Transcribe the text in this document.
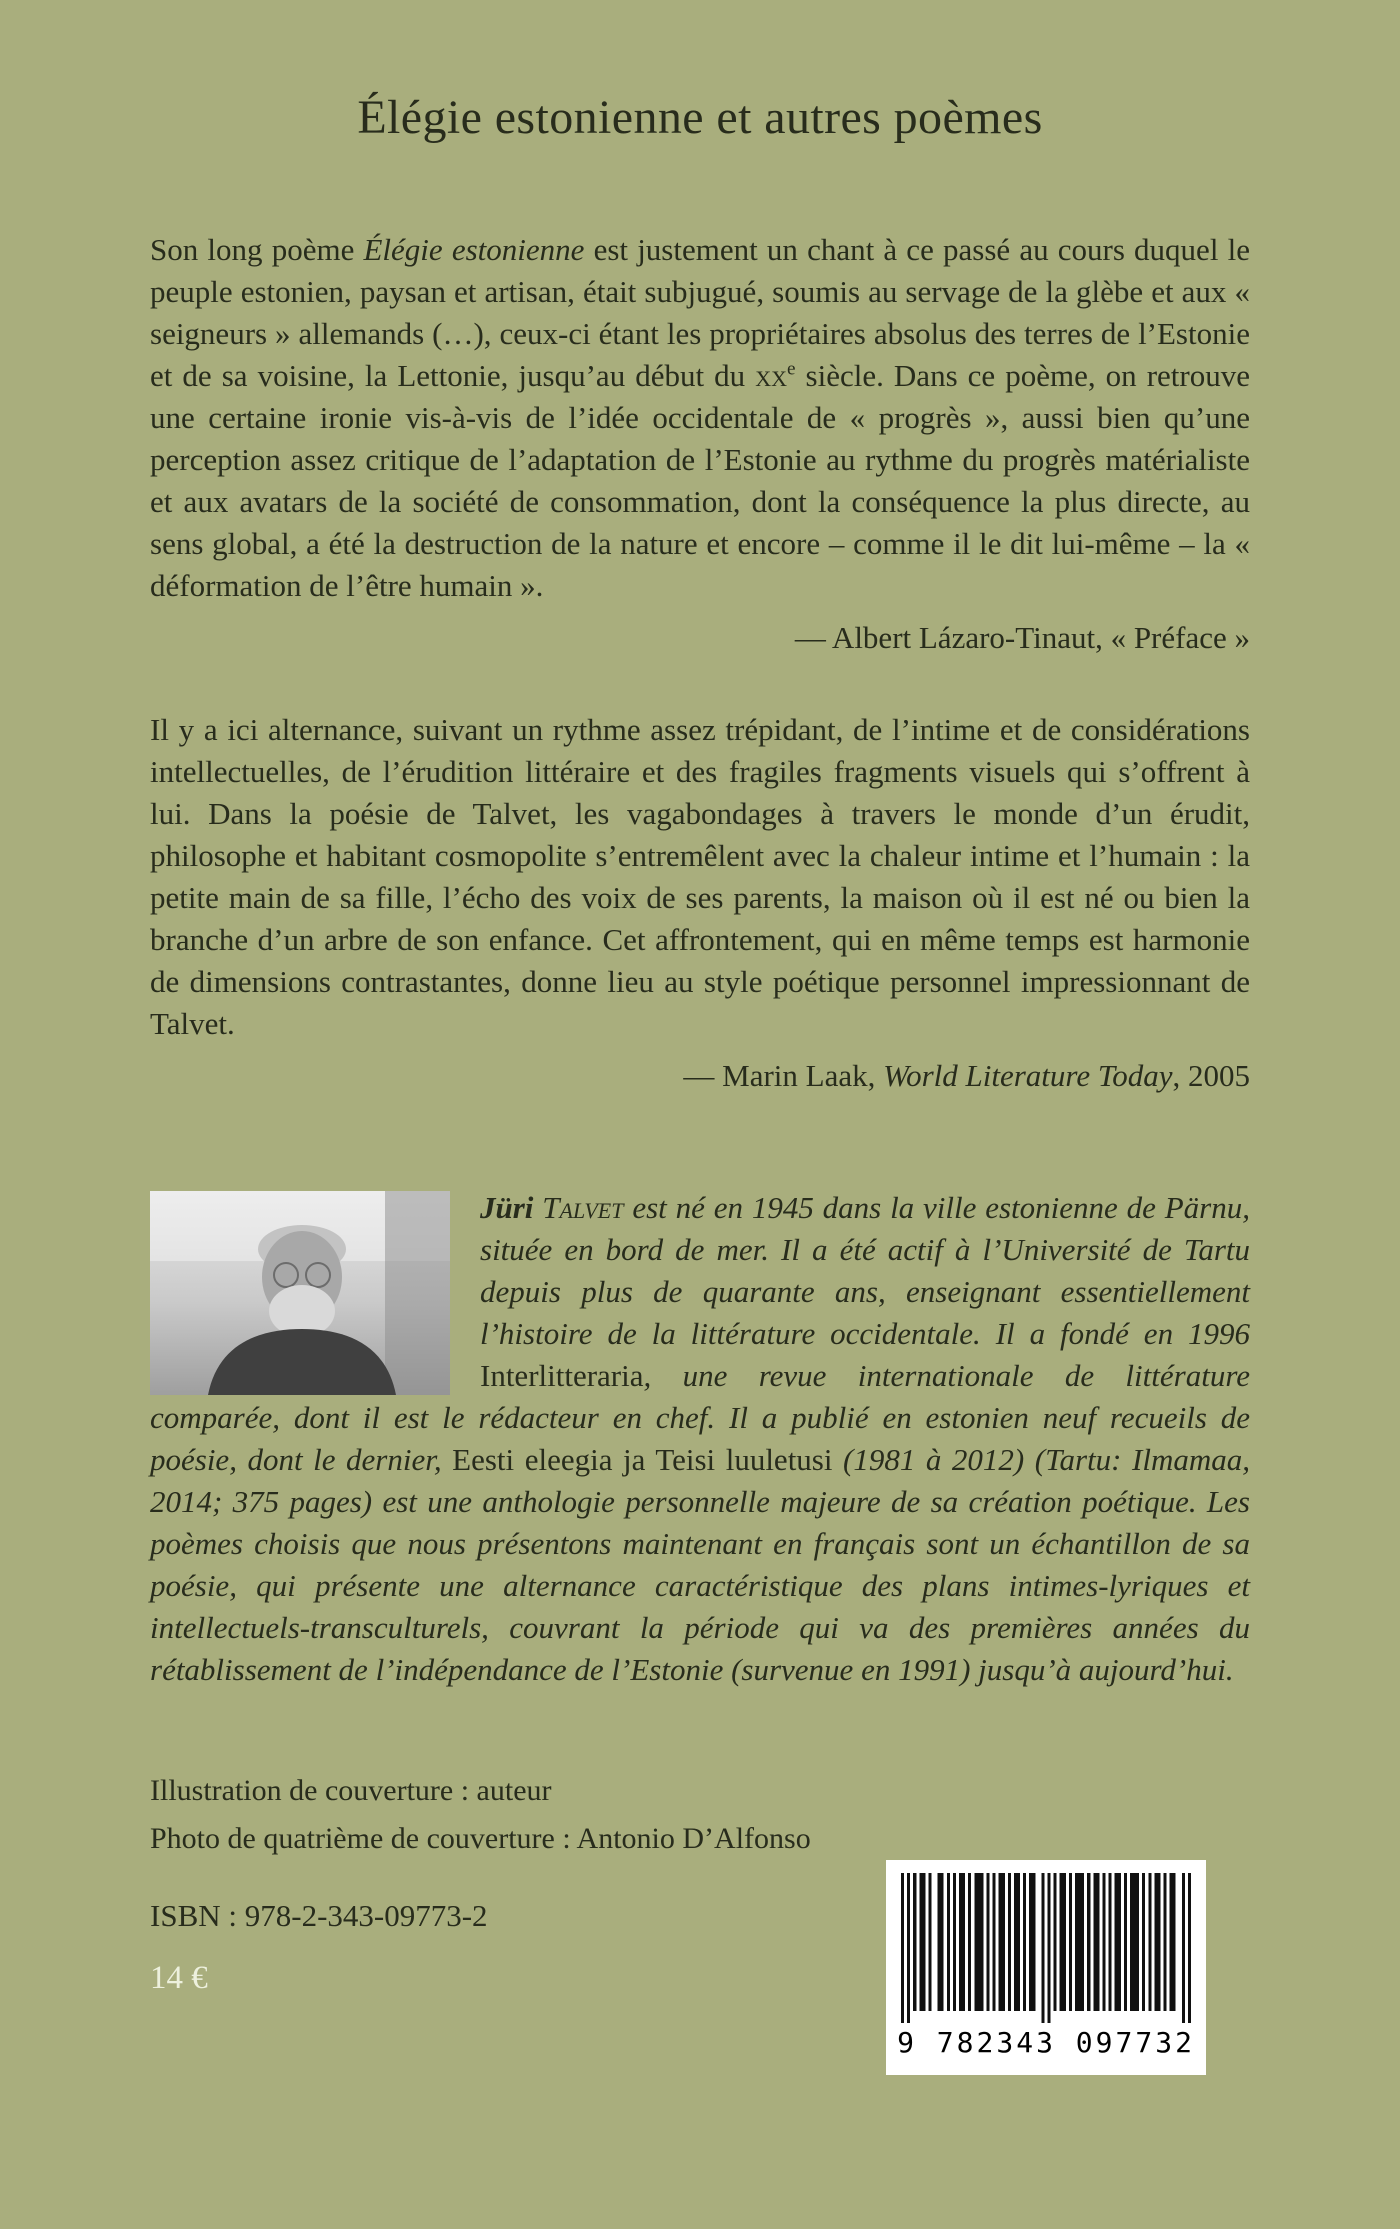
Élégie estonienne et autres poèmes

Son long poème Élégie estonienne est justement un chant à ce passé au cours duquel le peuple estonien, paysan et artisan, était subjugué, soumis au servage de la glèbe et aux « seigneurs » allemands (…), ceux-ci étant les propriétaires absolus des terres de l’Estonie et de sa voisine, la Lettonie, jusqu’au début du $xx^e$ siècle. Dans ce poème, on retrouve une certaine ironie vis-à-vis de l’idée occidentale de « progrès », aussi bien qu’une perception assez critique de l’adaptation de l’Estonie au rythme du progrès matérialiste et aux avatars de la société de consommation, dont la conséquence la plus directe, au sens global, a été la destruction de la nature et encore – comme il le dit lui-même – la « déformation de l’être humain ».

— Albert Lázaro-Tinaut, « Préface »

Il y a ici alternance, suivant un rythme assez trépidant, de l’intime et de considérations intellectuelles, de l’érudition littéraire et des fragiles fragments visuels qui s’offrent à lui. Dans la poésie de Talvet, les vagabondages à travers le monde d’un érudit, philosophe et habitant cosmopolite s’entremêlent avec la chaleur intime et l’humain : la petite main de sa fille, l’écho des voix de ses parents, la maison où il est né ou bien la branche d’un arbre de son enfance. Cet affrontement, qui en même temps est harmonie de dimensions contrastantes, donne lieu au style poétique personnel impressionnant de Talvet.

— Marin Laak, World Literature Today, 2005

Jüri Talvet est né en 1945 dans la ville estonienne de Pärnu, située en bord de mer. Il a été actif à l’Université de Tartu depuis plus de quarante ans, enseignant essentiellement l’histoire de la littérature occidentale. Il a fondé en 1996 Interlitteraria, une revue internationale de littérature comparée, dont il est le rédacteur en chef. Il a publié en estonien neuf recueils de poésie, dont le dernier, Eesti eleegia ja Teisi luuletusi (1981 à 2012) (Tartu: Ilmamaa, 2014; 375 pages) est une anthologie personnelle majeure de sa création poétique. Les poèmes choisis que nous présentons maintenant en français sont un échantillon de sa poésie, qui présente une alternance caractéristique des plans intimes-lyriques et intellectuels-transculturels, couvrant la période qui va des premières années du rétablissement de l’indépendance de l’Estonie (survenue en 1991) jusqu’à aujourd’hui.

Illustration de couverture : auteur

Photo de quatrième de couverture : Antonio D’Alfonso

ISBN : 978-2-343-09773-2

14 €

9 782343 097732
